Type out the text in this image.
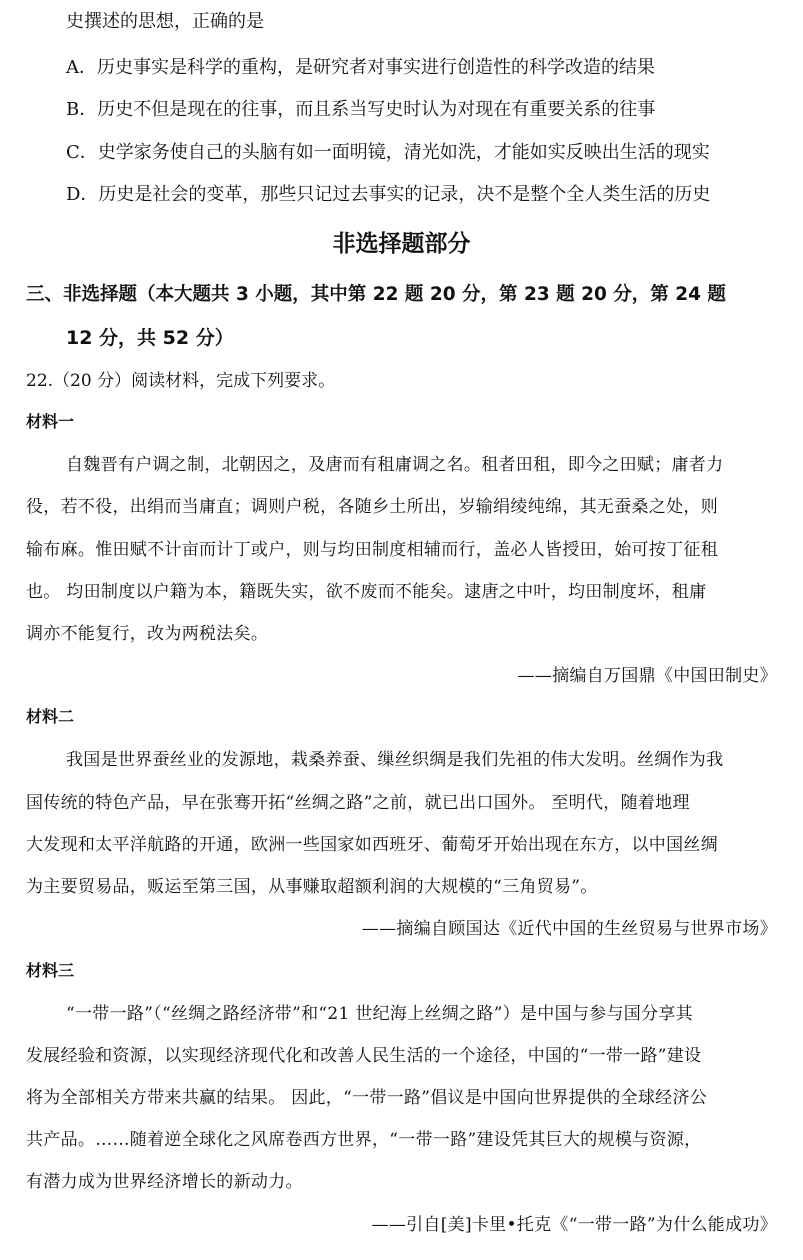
史撰述的思想，正确的是
A．历史事实是科学的重构，是研究者对事实进行创造性的科学改造的结果
B．历史不但是现在的往事，而且系当写史时认为对现在有重要关系的往事
C．史学家务使自己的头脑有如一面明镜，清光如洗，才能如实反映出生活的现实
D．历史是社会的变革，那些只记过去事实的记录，决不是整个全人类生活的历史
非选择题部分
三、非选择题（本大题共 3 小题，其中第 22 题 20 分，第 23 题 20 分，第 24 题
12 分，共 52 分）
22.（20 分）阅读材料，完成下列要求。
材料一
自魏晋有户调之制，北朝因之，及唐而有租庸调之名。租者田租，即今之田赋；庸者力
役，若不役，出绢而当庸直；调则户税，各随乡土所出，岁输绢绫纯绵，其无蚕桑之处，则
输布麻。惟田赋不计亩而计丁或户，则与均田制度相辅而行，盖必人皆授田，始可按丁征租
也。 均田制度以户籍为本，籍既失实，欲不废而不能矣。逮唐之中叶，均田制度坏，租庸
调亦不能复行，改为两税法矣。
——摘编自万国鼎《中国田制史》
材料二
我国是世界蚕丝业的发源地，栽桑养蚕、缫丝织绸是我们先祖的伟大发明。丝绸作为我
国传统的特色产品，早在张骞开拓“丝绸之路”之前，就已出口国外。 至明代，随着地理
大发现和太平洋航路的开通，欧洲一些国家如西班牙、葡萄牙开始出现在东方，以中国丝绸
为主要贸易品，贩运至第三国，从事赚取超额利润的大规模的“三角贸易”。
——摘编自顾国达《近代中国的生丝贸易与世界市场》
材料三
“一带一路”（“丝绸之路经济带”和“21 世纪海上丝绸之路”）是中国与参与国分享其
发展经验和资源，以实现经济现代化和改善人民生活的一个途径，中国的“一带一路”建设
将为全部相关方带来共赢的结果。 因此，“一带一路”倡议是中国向世界提供的全球经济公
共产品。……随着逆全球化之风席卷西方世界，“一带一路”建设凭其巨大的规模与资源，
有潜力成为世界经济增长的新动力。
——引自[美]卡里•托克《“一带一路”为什么能成功》
